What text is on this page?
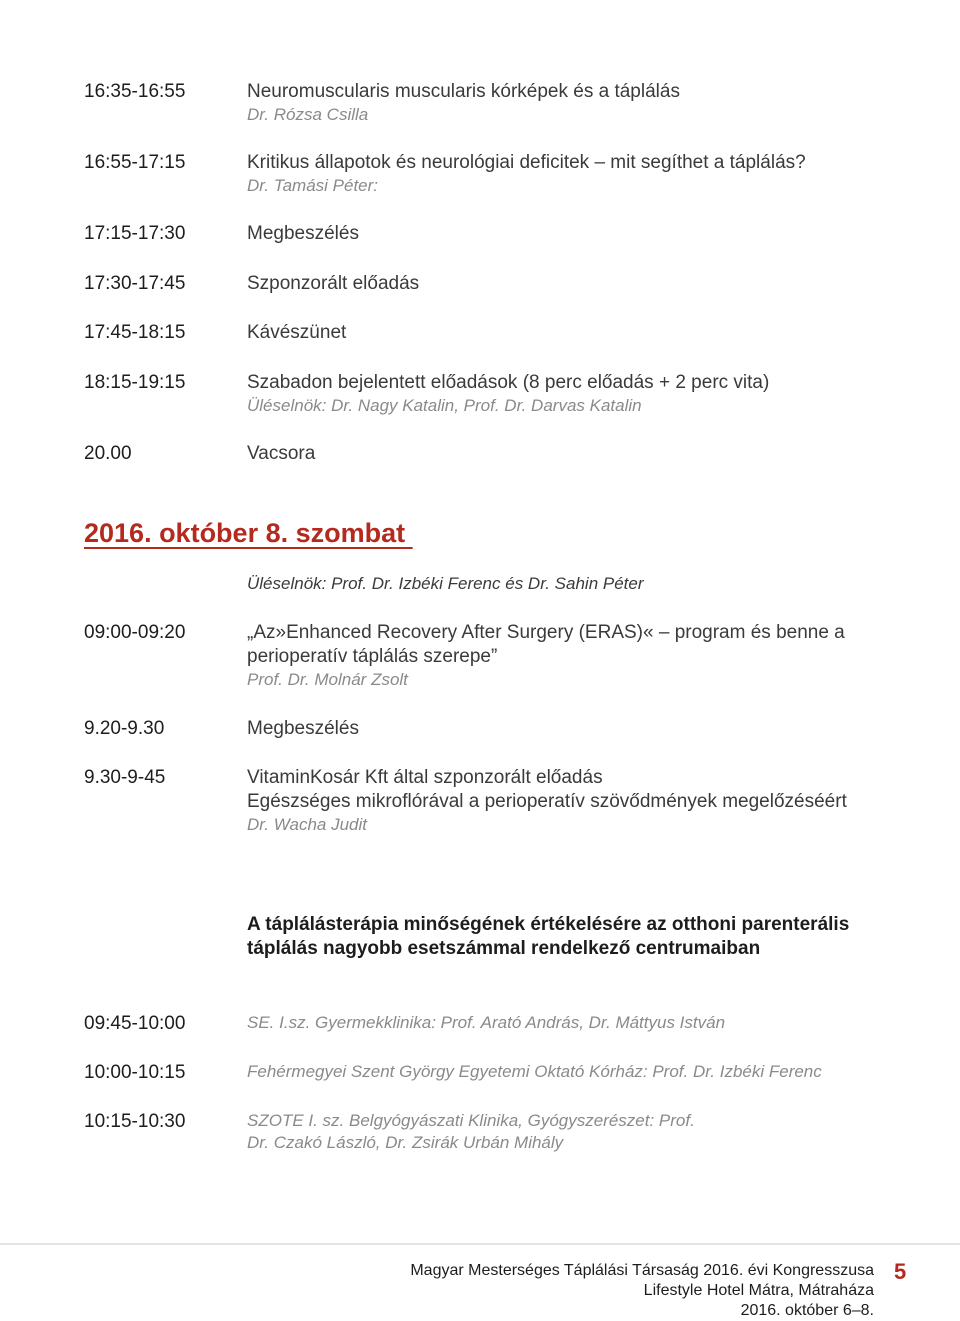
16:35-16:55	Neuromuscularis muscularis kórképek és a táplálás
Dr. Rózsa Csilla
16:55-17:15	Kritikus állapotok és neurológiai deficitek – mit segíthet a táplálás?
Dr. Tamási Péter:
17:15-17:30	Megbeszélés
17:30-17:45	Szponzorált előadás
17:45-18:15	Kávészünet
18:15-19:15	Szabadon bejelentett előadások (8 perc előadás + 2 perc vita)
Üléselnök: Dr. Nagy Katalin, Prof. Dr. Darvas Katalin
20.00	Vacsora
2016. október 8. szombat
Üléselnök: Prof. Dr. Izbéki Ferenc és Dr. Sahin Péter
09:00-09:20	„Az»Enhanced Recovery After Surgery (ERAS)« – program és benne a perioperatív táplálás szerepe”
Prof. Dr. Molnár Zsolt
9.20-9.30	Megbeszélés
9.30-9-45	VitaminKosár Kft által szponzorált előadás
Egészséges mikroflórával a perioperatív szövődmények megelőzéséért
Dr. Wacha Judit
A táplálásterápia minőségének értékelésére az otthoni parenterális táplálás nagyobb esetszámmal rendelkező centrumaiban
09:45-10:00	SE. I.sz. Gyermekklinika: Prof. Arató András, Dr. Máttyus István
10:00-10:15	Fehérmegyei Szent György Egyetemi Oktató Kórház: Prof. Dr. Izbéki Ferenc
10:15-10:30	SZOTE I. sz. Belgyógyászati Klinika, Gyógyszerészet: Prof. Dr. Czakó László, Dr. Zsirák Urbán Mihály
Magyar Mesterséges Táplálási Társaság 2016. évi Kongresszusa
Lifestyle Hotel Mátra, Mátraháza
2016. október 6–8.
5
